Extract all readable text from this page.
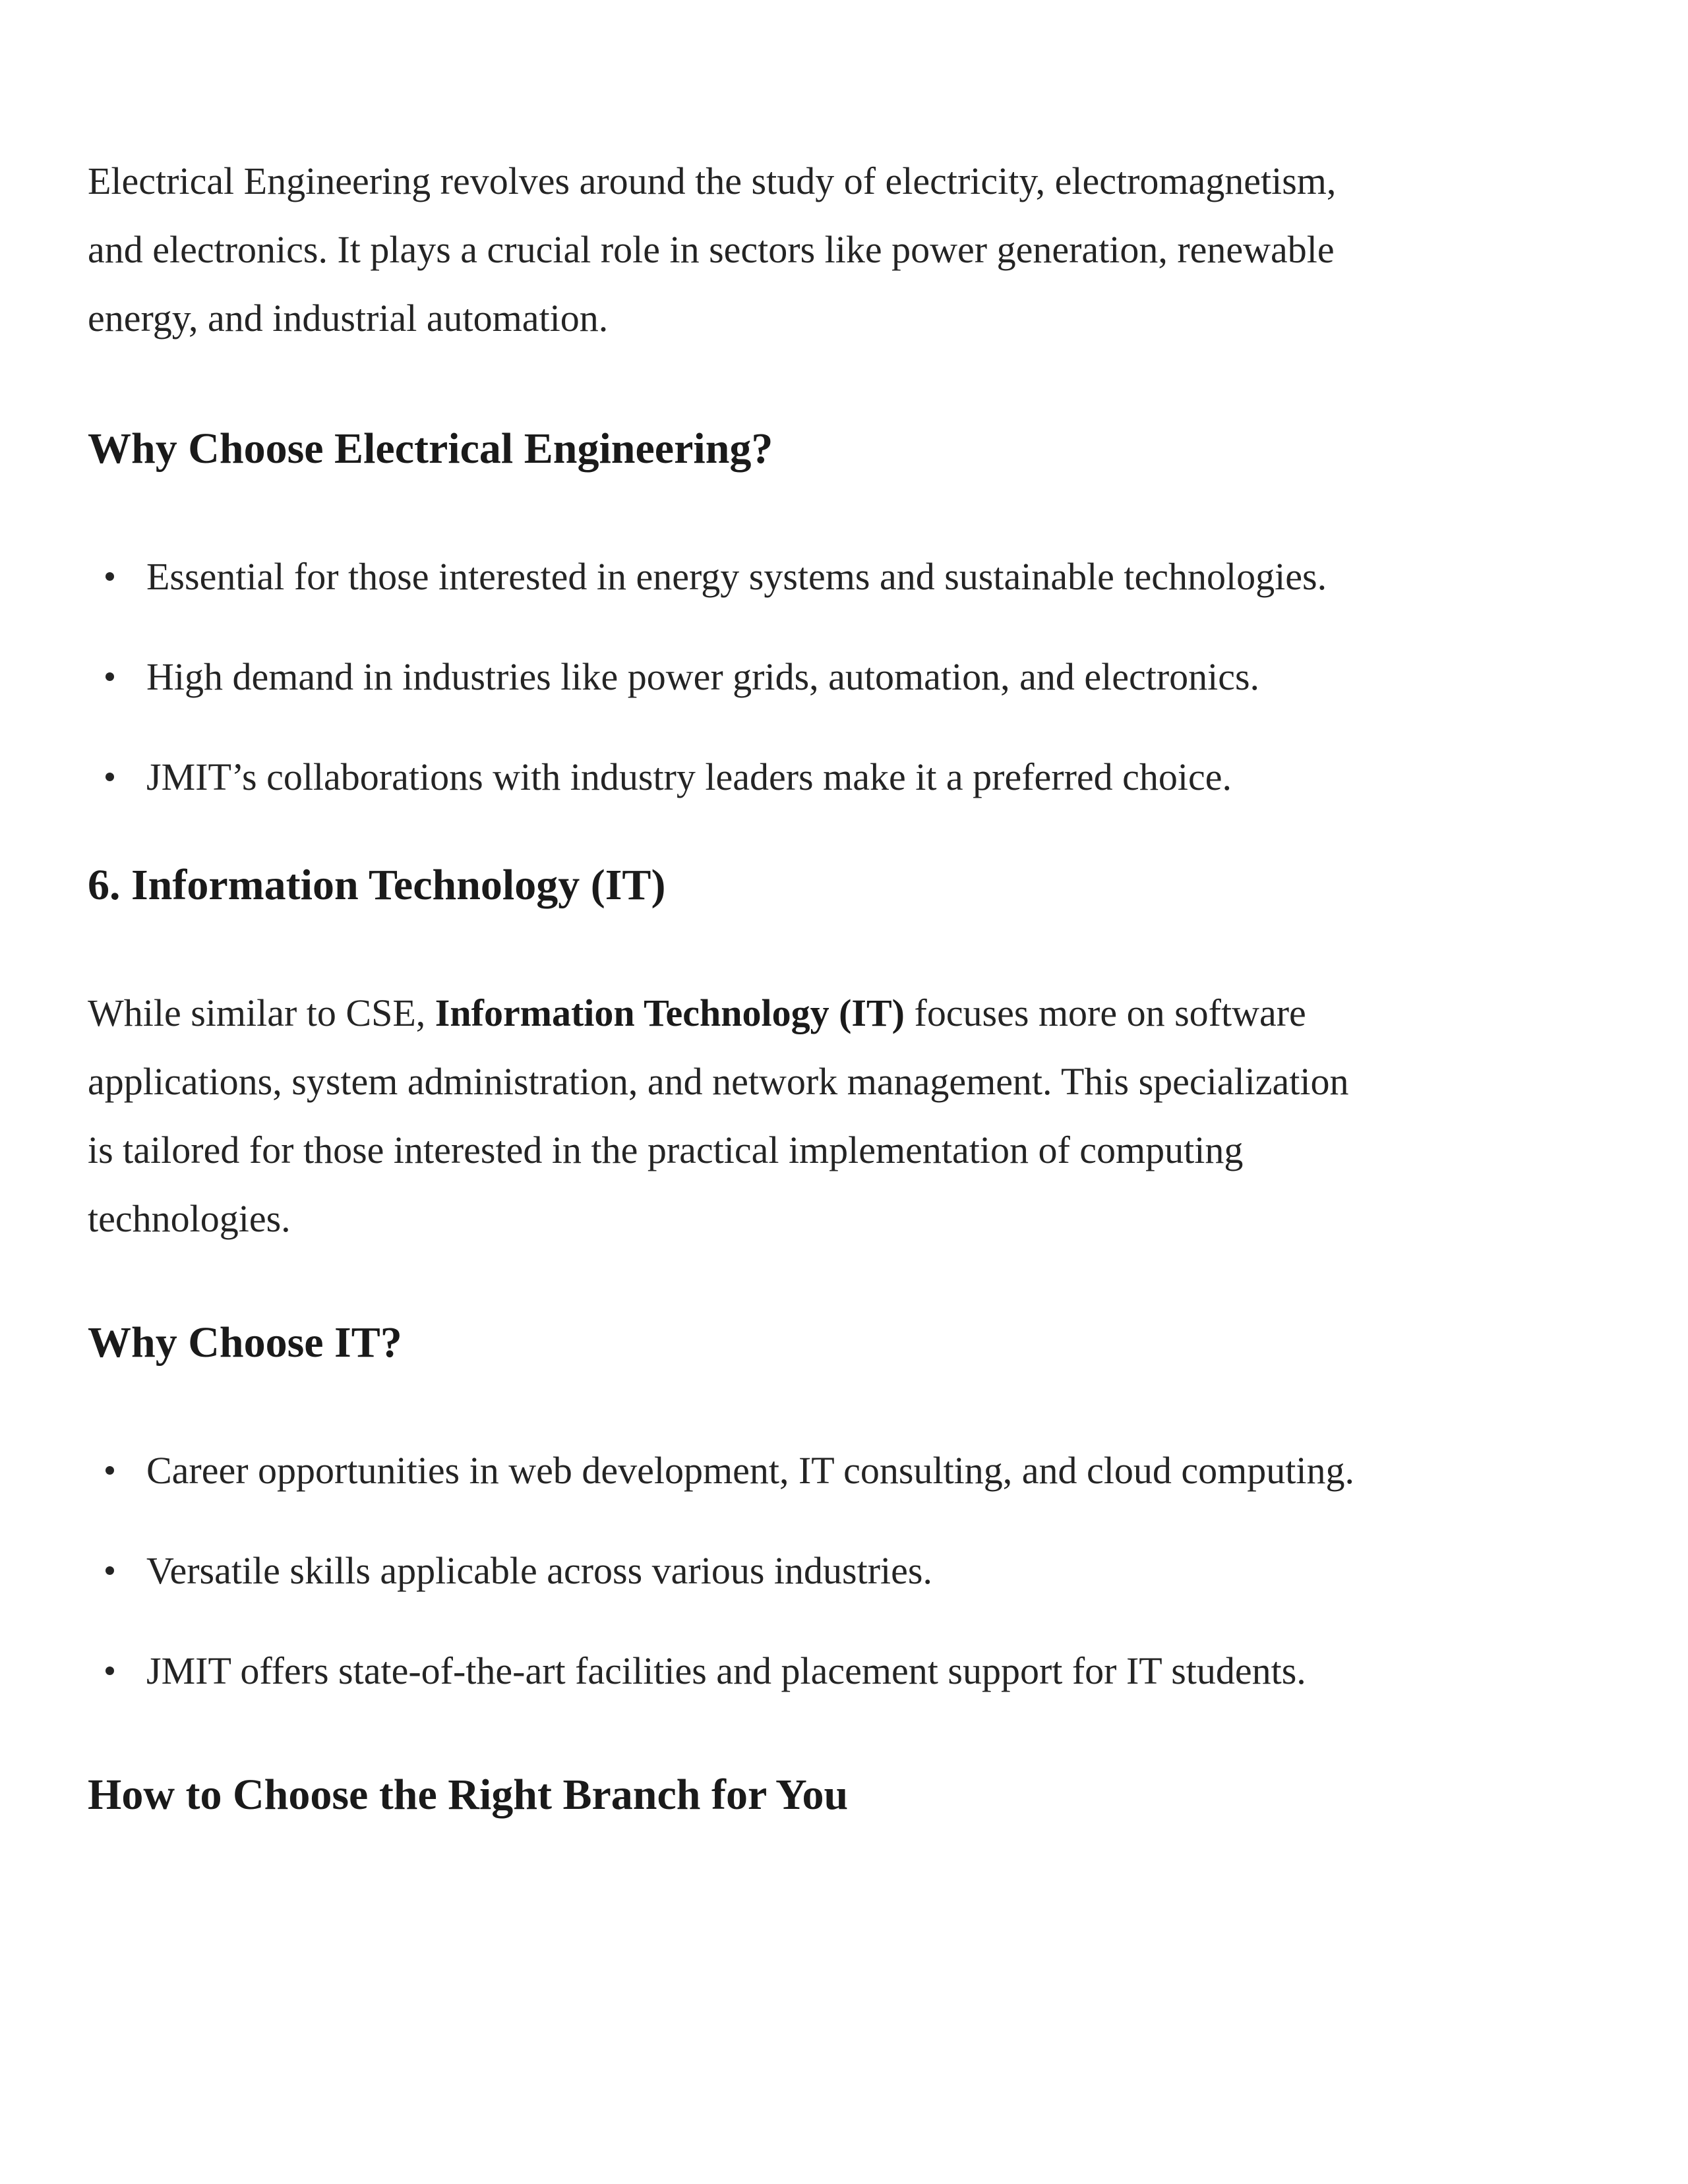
Electrical Engineering revolves around the study of electricity, electromagnetism,
and electronics. It plays a crucial role in sectors like power generation, renewable
energy, and industrial automation.

Why Choose Electrical Engineering?
Essential for those interested in energy systems and sustainable technologies.
High demand in industries like power grids, automation, and electronics.
JMIT’s collaborations with industry leaders make it a preferred choice.
6. Information Technology (IT)

While similar to CSE, Information Technology (IT) focuses more on software
applications, system administration, and network management. This specialization
is tailored for those interested in the practical implementation of computing
technologies.

Why Choose IT?
Career opportunities in web development, IT consulting, and cloud computing.
Versatile skills applicable across various industries.
JMIT offers state-of-the-art facilities and placement support for IT students.
How to Choose the Right Branch for You
